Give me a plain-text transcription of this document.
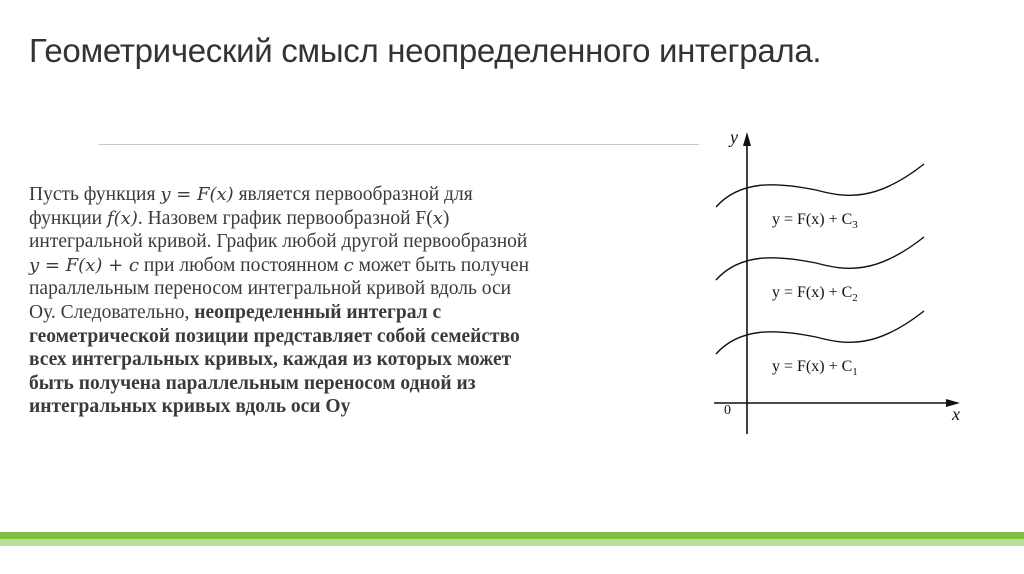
Геометрический смысл неопределенного интеграла.
Пусть функция y = F(x) является первообразной для
функции f(x). Назовем график первообразной F(x)
интегральной кривой. График любой другой первообразной
y = F(x) + c при любом постоянном c может быть получен
параллельным переносом интегральной кривой вдоль оси
Оу. Следовательно, неопределенный интеграл с
геометрической позиции представляет собой семейство
всех интегральных кривых, каждая из которых может
быть получена параллельным переносом одной из
интегральных кривых вдоль оси Оу
y
x
0
$y = F(x) + C_3$
$y = F(x) + C_2$
$y = F(x) + C_1$
